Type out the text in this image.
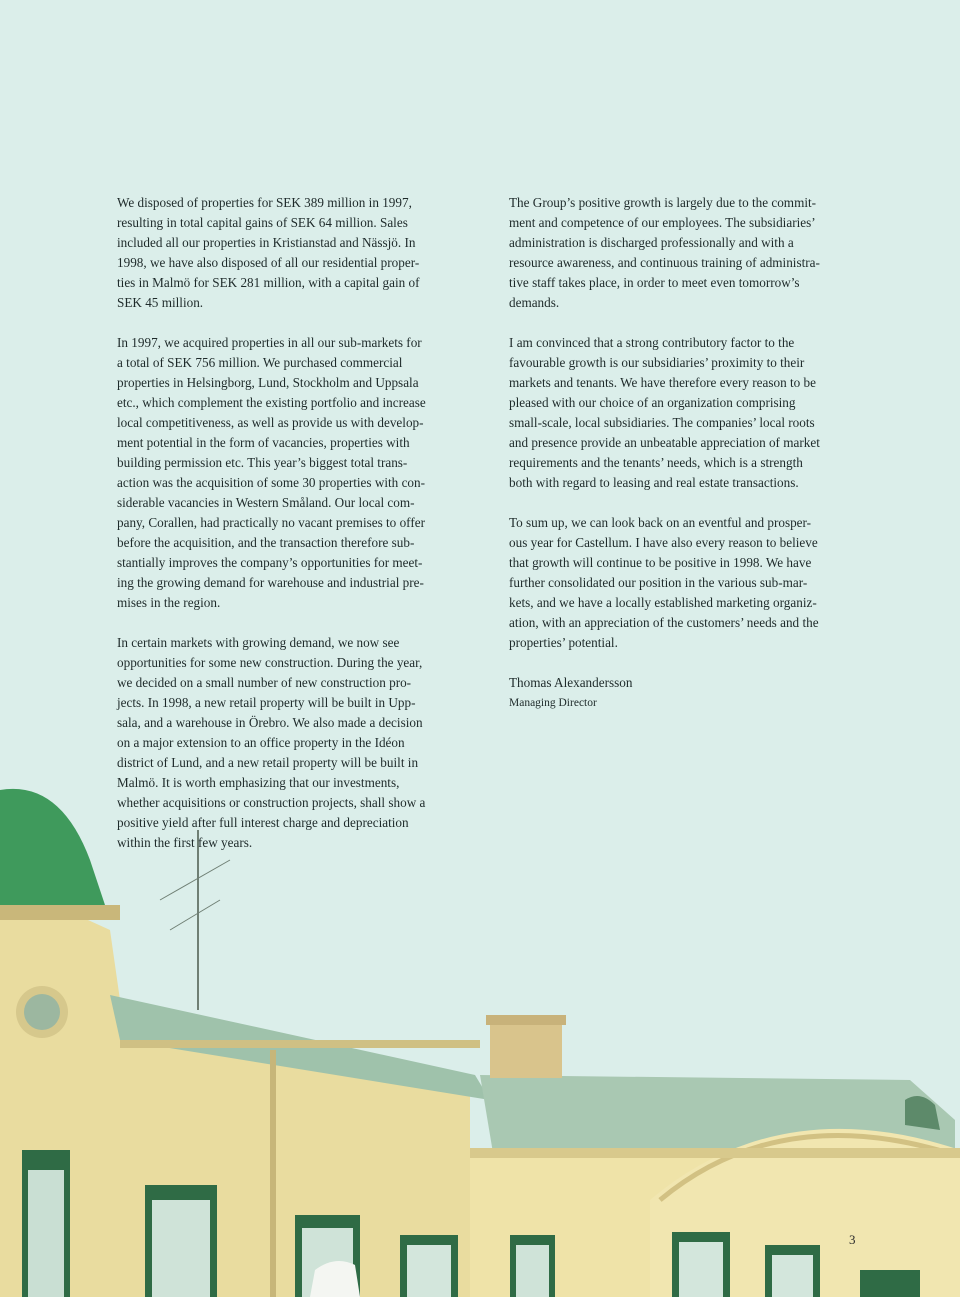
We disposed of properties for SEK 389 million in 1997,
resulting in total capital gains of SEK 64 million. Sales
included all our properties in Kristianstad and Nässjö. In
1998, we have also disposed of all our residential proper-
ties in Malmö for SEK 281 million, with a capital gain of
SEK 45 million.

In 1997, we acquired properties in all our sub-markets for
a total of SEK 756 million. We purchased commercial
properties in Helsingborg, Lund, Stockholm and Uppsala
etc., which complement the existing portfolio and increase
local competitiveness, as well as provide us with develop-
ment potential in the form of vacancies, properties with
building permission etc. This year’s biggest total trans-
action was the acquisition of some 30 properties with con-
siderable vacancies in Western Småland. Our local com-
pany, Corallen, had practically no vacant premises to offer
before the acquisition, and the transaction therefore sub-
stantially improves the company’s opportunities for meet-
ing the growing demand for warehouse and industrial pre-
mises in the region.

In certain markets with growing demand, we now see
opportunities for some new construction. During the year,
we decided on a small number of new construction pro-
jects. In 1998, a new retail property will be built in Upp-
sala, and a warehouse in Örebro. We also made a decision
on a major extension to an office property in the Idéon
district of Lund, and a new retail property will be built in
Malmö. It is worth emphasizing that our investments,
whether acquisitions or construction projects, shall show a
positive yield after full interest charge and depreciation
within the first few years.

The Group’s positive growth is largely due to the commit-
ment and competence of our employees. The subsidiaries’
administration is discharged professionally and with a
resource awareness, and continuous training of administra-
tive staff takes place, in order to meet even tomorrow’s
demands.

I am convinced that a strong contributory factor to the
favourable growth is our subsidiaries’ proximity to their
markets and tenants. We have therefore every reason to be
pleased with our choice of an organization comprising
small-scale, local subsidiaries. The companies’ local roots
and presence provide an unbeatable appreciation of market
requirements and the tenants’ needs, which is a strength
both with regard to leasing and real estate transactions.

To sum up, we can look back on an eventful and prosper-
ous year for Castellum. I have also every reason to believe
that growth will continue to be positive in 1998. We have
further consolidated our position in the various sub-mar-
kets, and we have a locally established marketing organiz-
ation, with an appreciation of the customers’ needs and the
properties’ potential.

Thomas Alexandersson
Managing Director
3
